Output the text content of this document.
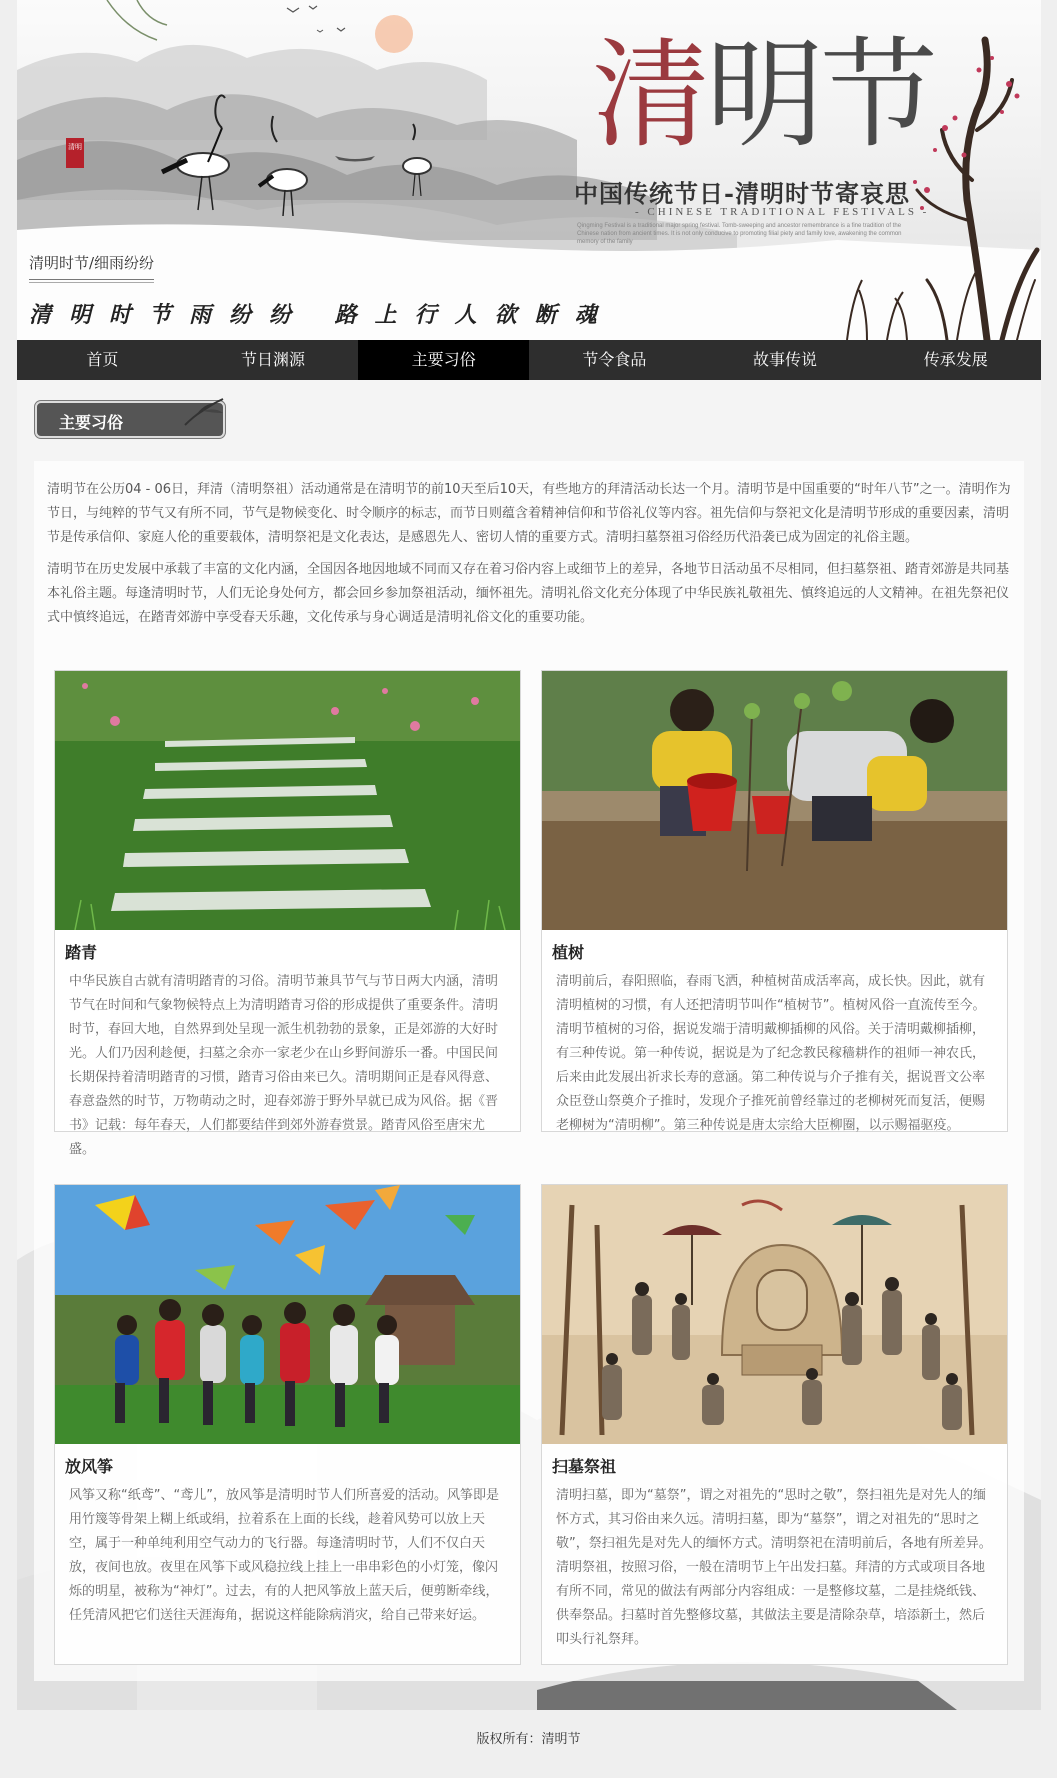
清明	清明节
中国传统节日-清明时节寄哀思
- CHINESE TRADITIONAL FESTIVALS -
Qingming Festival is a traditional major spring festival. Tomb-sweeping and ancestor remembrance is a fine tradition of the Chinese nation from ancient times. It is not only conducive to promoting filial piety and family love, awakening the common memory of the family
清明时节/细雨纷纷
清明时节雨纷纷 路上行人欲断魂
首页	节日渊源	主要习俗	节令食品	故事传说	传承发展
主要习俗

清明节在公历04 - 06日，拜清（清明祭祖）活动通常是在清明节的前10天至后10天，有些地方的拜清活动长达一个月。清明节是中国重要的“时年八节”之一。清明作为节日，与纯粹的节气又有所不同，节气是物候变化、时令顺序的标志，而节日则蕴含着精神信仰和节俗礼仪等内容。祖先信仰与祭祀文化是清明节形成的重要因素，清明节是传承信仰、家庭人伦的重要载体，清明祭祀是文化表达，是感恩先人、密切人情的重要方式。清明扫墓祭祖习俗经历代沿袭已成为固定的礼俗主题。

清明节在历史发展中承载了丰富的文化内涵，全国因各地因地域不同而又存在着习俗内容上或细节上的差异，各地节日活动虽不尽相同，但扫墓祭祖、踏青郊游是共同基本礼俗主题。每逢清明时节，人们无论身处何方，都会回乡参加祭祖活动，缅怀祖先。清明礼俗文化充分体现了中华民族礼敬祖先、慎终追远的人文精神。在祖先祭祀仪式中慎终追远，在踏青郊游中享受春天乐趣，文化传承与身心调适是清明礼俗文化的重要功能。

踏青

中华民族自古就有清明踏青的习俗。清明节兼具节气与节日两大内涵，清明节气在时间和气象物候特点上为清明踏青习俗的形成提供了重要条件。清明时节，春回大地，自然界到处呈现一派生机勃勃的景象，正是郊游的大好时光。人们乃因利趁便，扫墓之余亦一家老少在山乡野间游乐一番。中国民间长期保持着清明踏青的习惯，踏青习俗由来已久。清明期间正是春风得意、春意盎然的时节，万物萌动之时，迎春郊游于野外早就已成为风俗。据《晋书》记载：每年春天，人们都要结伴到郊外游春赏景。踏青风俗至唐宋尤盛。

植树

清明前后，春阳照临，春雨飞洒，种植树苗成活率高，成长快。因此，就有清明植树的习惯，有人还把清明节叫作“植树节”。植树风俗一直流传至今。清明节植树的习俗，据说发端于清明戴柳插柳的风俗。关于清明戴柳插柳，有三种传说。第一种传说，据说是为了纪念教民稼穑耕作的祖师一神农氏，后来由此发展出祈求长寿的意涵。第二种传说与介子推有关，据说晋文公率众臣登山祭奠介子推时，发现介子推死前曾经靠过的老柳树死而复活，便赐老柳树为“清明柳”。第三种传说是唐太宗给大臣柳圈，以示赐福驱疫。

放风筝

风筝又称“纸鸢”、“鸢儿”，放风筝是清明时节人们所喜爱的活动。风筝即是用竹篾等骨架上糊上纸或绢，拉着系在上面的长线，趁着风势可以放上天空，属于一种单纯利用空气动力的飞行器。每逢清明时节，人们不仅白天放，夜间也放。夜里在风筝下或风稳拉线上挂上一串串彩色的小灯笼，像闪烁的明星，被称为“神灯”。过去，有的人把风筝放上蓝天后，便剪断牵线，任凭清风把它们送往天涯海角，据说这样能除病消灾，给自己带来好运。

扫墓祭祖

清明扫墓，即为“墓祭”，谓之对祖先的“思时之敬”，祭扫祖先是对先人的缅怀方式，其习俗由来久远。清明扫墓，即为“墓祭”，谓之对祖先的“思时之敬”，祭扫祖先是对先人的缅怀方式。清明祭祀在清明前后，各地有所差异。清明祭祖，按照习俗，一般在清明节上午出发扫墓。拜清的方式或项目各地有所不同，常见的做法有两部分内容组成：一是整修坟墓，二是挂烧纸钱、供奉祭品。扫墓时首先整修坟墓，其做法主要是清除杂草，培添新土，然后叩头行礼祭拜。

版权所有：清明节
